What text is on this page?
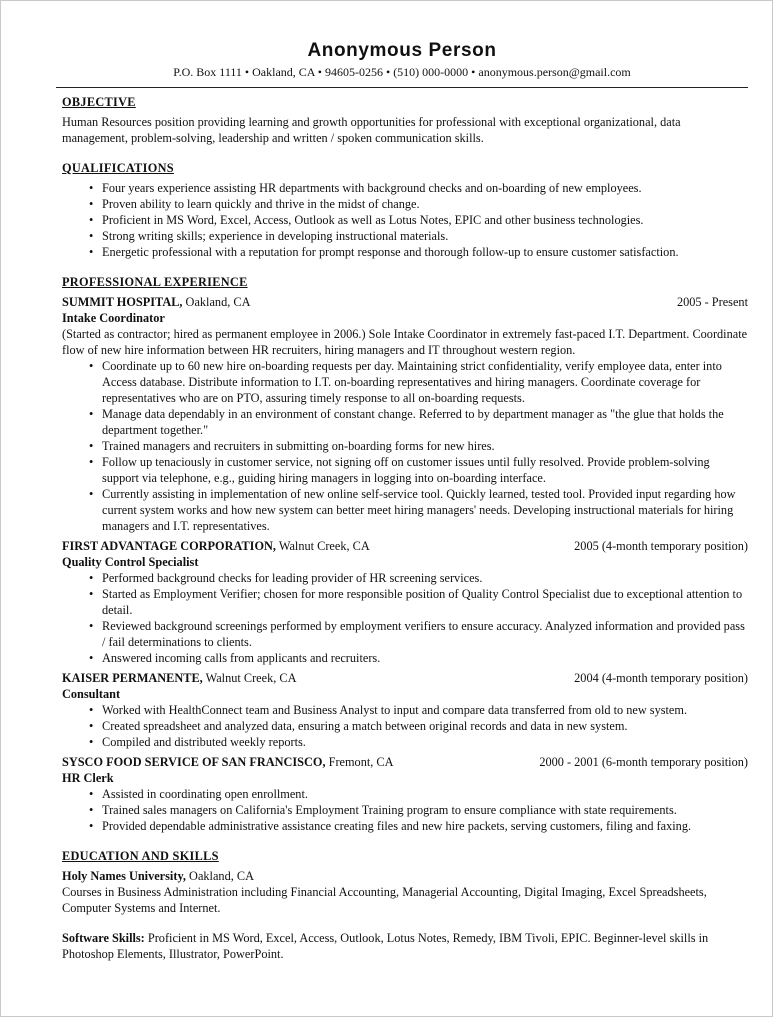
Anonymous Person
P.O. Box 1111 • Oakland, CA • 94605-0256 • (510) 000-0000 • anonymous.person@gmail.com
OBJECTIVE

Human Resources position providing learning and growth opportunities for professional with exceptional organizational, data management, problem-solving, leadership and written / spoken communication skills.

QUALIFICATIONS
• Four years experience assisting HR departments with background checks and on-boarding of new employees.
• Proven ability to learn quickly and thrive in the midst of change.
• Proficient in MS Word, Excel, Access, Outlook as well as Lotus Notes, EPIC and other business technologies.
• Strong writing skills; experience in developing instructional materials.
• Energetic professional with a reputation for prompt response and thorough follow-up to ensure customer satisfaction.
PROFESSIONAL EXPERIENCE
SUMMIT HOSPITAL, Oakland, CA	2005 - Present
Intake Coordinator

(Started as contractor; hired as permanent employee in 2006.) Sole Intake Coordinator in extremely fast-paced I.T. Department. Coordinate flow of new hire information between HR recruiters, hiring managers and IT throughout western region.

• Coordinate up to 60 new hire on-boarding requests per day. Maintaining strict confidentiality, verify employee data, enter into Access database. Distribute information to I.T. on-boarding representatives and hiring managers. Coordinate coverage for representatives who are on PTO, assuring timely response to all on-boarding requests.
• Manage data dependably in an environment of constant change. Referred to by department manager as "the glue that holds the department together."
• Trained managers and recruiters in submitting on-boarding forms for new hires.
• Follow up tenaciously in customer service, not signing off on customer issues until fully resolved. Provide problem-solving support via telephone, e.g., guiding hiring managers in logging into on-boarding interface.
• Currently assisting in implementation of new online self-service tool. Quickly learned, tested tool. Provided input regarding how current system works and how new system can better meet hiring managers' needs. Developing instructional materials for hiring managers and I.T. representatives.
FIRST ADVANTAGE CORPORATION, Walnut Creek, CA	2005 (4-month temporary position)
Quality Control Specialist
• Performed background checks for leading provider of HR screening services.
• Started as Employment Verifier; chosen for more responsible position of Quality Control Specialist due to exceptional attention to detail.
• Reviewed background screenings performed by employment verifiers to ensure accuracy. Analyzed information and provided pass / fail determinations to clients.
• Answered incoming calls from applicants and recruiters.
KAISER PERMANENTE, Walnut Creek, CA	2004 (4-month temporary position)
Consultant
• Worked with HealthConnect team and Business Analyst to input and compare data transferred from old to new system.
• Created spreadsheet and analyzed data, ensuring a match between original records and data in new system.
• Compiled and distributed weekly reports.
SYSCO FOOD SERVICE OF SAN FRANCISCO, Fremont, CA	2000 - 2001 (6-month temporary position)
HR Clerk
• Assisted in coordinating open enrollment.
• Trained sales managers on California's Employment Training program to ensure compliance with state requirements.
• Provided dependable administrative assistance creating files and new hire packets, serving customers, filing and faxing.
EDUCATION AND SKILLS
Holy Names University, Oakland, CA

Courses in Business Administration including Financial Accounting, Managerial Accounting, Digital Imaging, Excel Spreadsheets, Computer Systems and Internet.

Software Skills: Proficient in MS Word, Excel, Access, Outlook, Lotus Notes, Remedy, IBM Tivoli, EPIC. Beginner-level skills in Photoshop Elements, Illustrator, PowerPoint.
